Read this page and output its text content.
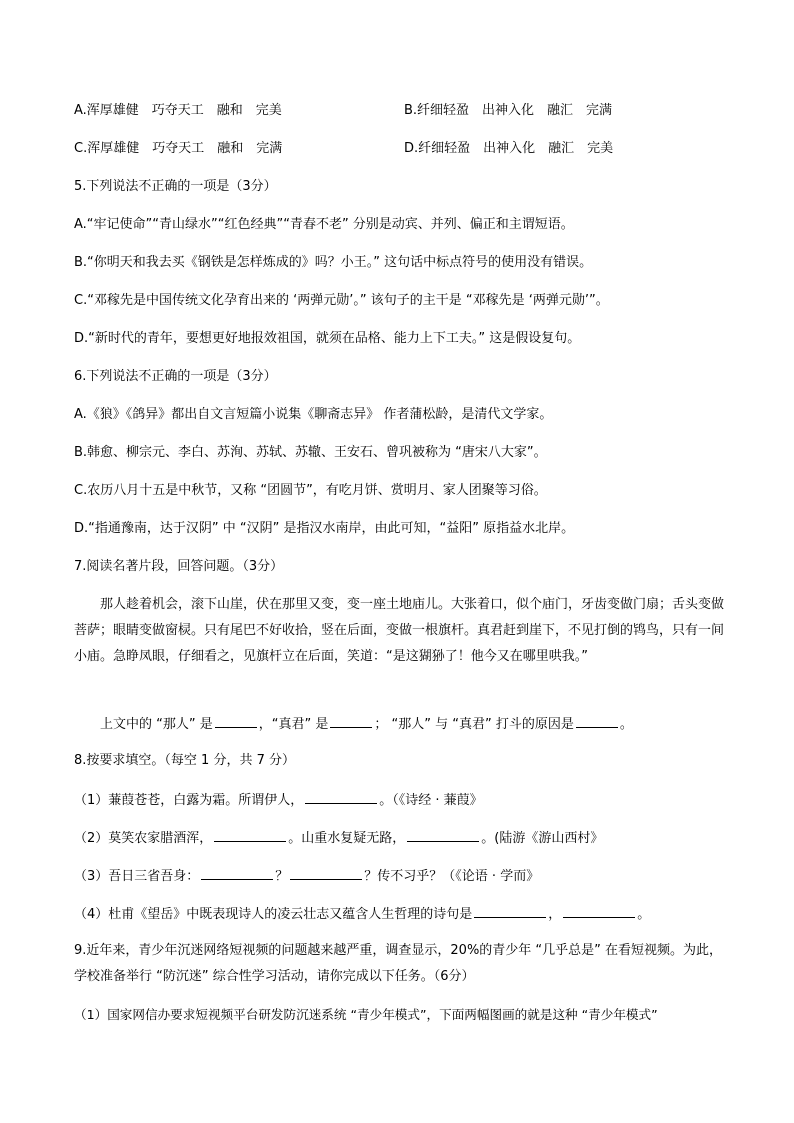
A.浑厚雄健　巧夺天工　融和　完美	B.纤细轻盈　出神入化　融汇　完满
C.浑厚雄健　巧夺天工　融和　完满	D.纤细轻盈　出神入化　融汇　完美
5.下列说法不正确的一项是（3分）
A.“牢记使命”“青山绿水”“红色经典”“青春不老” 分别是动宾、并列、偏正和主谓短语。
B.“你明天和我去买《钢铁是怎样炼成的》吗？小王。” 这句话中标点符号的使用没有错误。
C.“邓稼先是中国传统文化孕育出来的 ‘两弹元勋’。” 该句子的主干是 “邓稼先是 ‘两弹元勋’”。
D.“新时代的青年，要想更好地报效祖国，就须在品格、能力上下工夫。” 这是假设复句。
6.下列说法不正确的一项是（3分）
A.《狼》《鸽异》都出自文言短篇小说集《聊斋志异》 作者蒲松龄，是清代文学家。
B.韩愈、柳宗元、李白、苏洵、苏轼、苏辙、王安石、曾巩被称为 “唐宋八大家”。
C.农历八月十五是中秋节，又称 “团圆节”，有吃月饼、赏明月、家人团聚等习俗。
D.“指通豫南，达于汉阴” 中 “汉阴” 是指汉水南岸，由此可知，“益阳” 原指益水北岸。
7.阅读名著片段，回答问题。（3分）
那人趁着机会，滚下山崖，伏在那里又变，变一座土地庙儿。大张着口，似个庙门，牙齿变做门扇；舌头变做菩萨；眼睛变做窗棂。只有尾巴不好收拾，竖在后面，变做一根旗杆。真君赶到崖下，不见打倒的鸨鸟，只有一间小庙。急睁凤眼，仔细看之，见旗杆立在后面，笑道：“是这猢狲了！他今又在哪里哄我。”
上文中的 “那人” 是	，“真君” 是	； “那人” 与 “真君” 打斗的原因是	。
8.按要求填空。（每空 1 分，共 7 分）
（1）蒹葭苍苍，白露为霜。所谓伊人，	。（《诗经 · 蒹葭》
（2）莫笑农家腊酒浑，	。山重水复疑无路，	。(陆游《游山西村》
（3）吾日三省吾身：	？	？传不习乎？（《论语 · 学而》
（4）杜甫《望岳》中既表现诗人的凌云壮志又蕴含人生哲理的诗句是	，	。
9.近年来，青少年沉迷网络短视频的问题越来越严重，调查显示，20%的青少年 “几乎总是” 在看短视频。为此，学校准备举行 “防沉迷” 综合性学习活动，请你完成以下任务。（6分）
（1）国家网信办要求短视频平台研发防沉迷系统 “青少年模式”，下面两幅图画的就是这种 “青少年模式”
